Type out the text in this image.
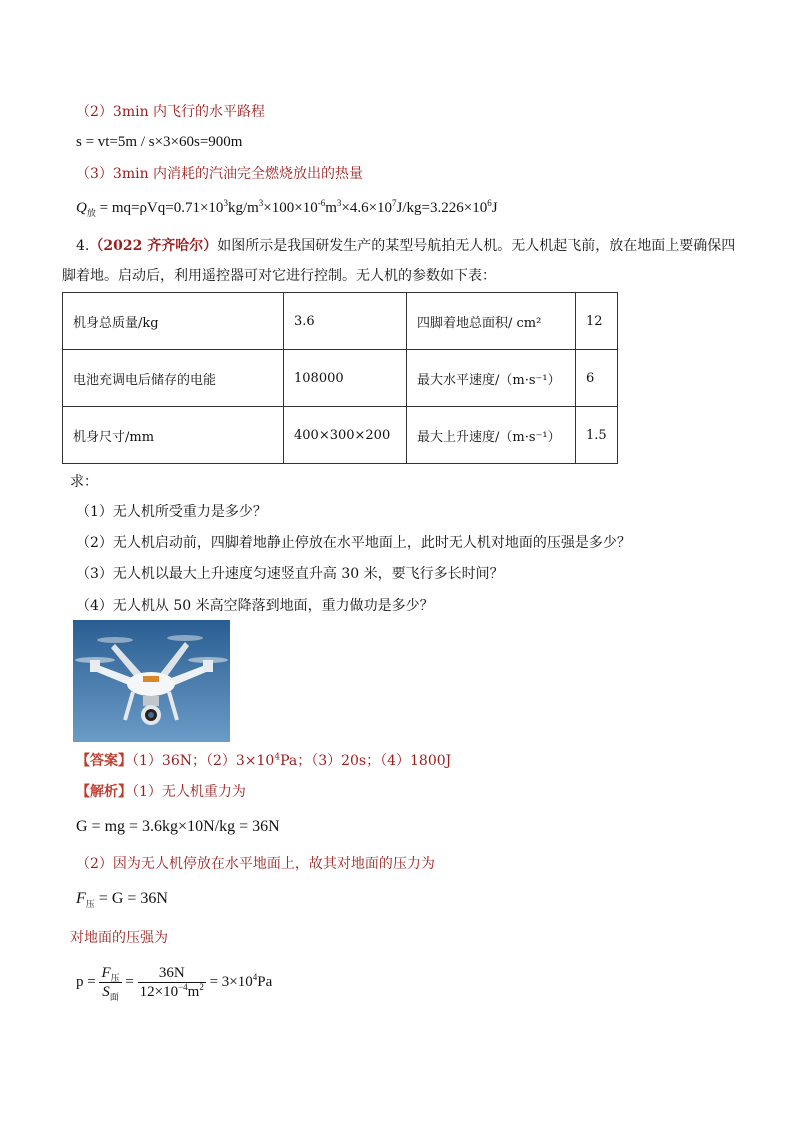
（2）3min 内飞行的水平路程
s = vt=5m / s×3×60s=900m
（3）3min 内消耗的汽油完全燃烧放出的热量
$Q_放 = mq=\rho Vq=0.71\times 10^3kg/m^3\times 100\times 10^{-6}m^3\times 4.6\times 10^7J/kg=3.226\times 10^6J$
4.（2022 齐齐哈尔）如图所示是我国研发生产的某型号航拍无人机。无人机起飞前，放在地面上要确保四
脚着地。启动后，利用遥控器可对它进行控制。无人机的参数如下表：
机身总质量/kg	3.6	四脚着地总面积/ cm²	12
电池充调电后储存的电能	108000	最大水平速度/（m·s⁻¹）	6
机身尺寸/mm	400×300×200	最大上升速度/（m·s⁻¹）	1.5
求：
（1）无人机所受重力是多少？
（2）无人机启动前，四脚着地静止停放在水平地面上，此时无人机对地面的压强是多少？
（3）无人机以最大上升速度匀速竖直升高 30 米，要飞行多长时间？
（4）无人机从 50 米高空降落到地面，重力做功是多少？
【答案】（1）36N；$(2)3\times 10^4Pa$；（3）20s；（4）1800J
【解析】（1）无人机重力为
G = mg = 3.6kg×10N/kg = 36N
（2）因为无人机停放在水平地面上，故其对地面的压力为
$F_压 = G = 36N$
对地面的压强为
$p = \frac{F_压}{S_面} = \frac{36N}{12\times 10^{-4}m^2} = 3\times 10^4Pa$
